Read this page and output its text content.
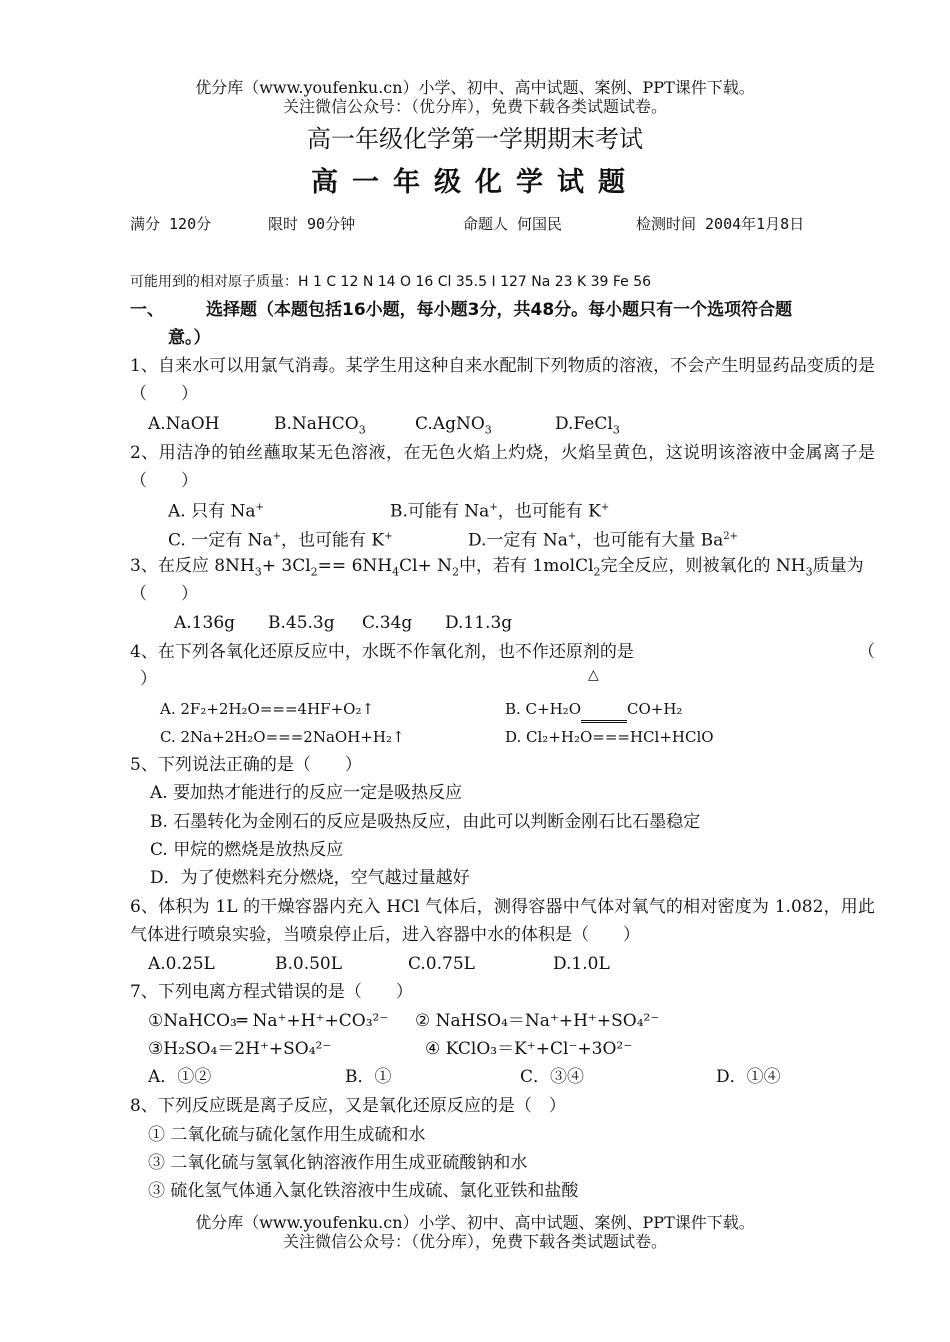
优分库（www.youfenku.cn）小学、初中、高中试题、案例、PPT课件下载。
关注微信公众号：（优分库），免费下载各类试题试卷。
高一年级化学第一学期期末考试
高一年级化学试题
满分 120分	限时 90分钟	命题人 何国民	检测时间 2004年1月8日
可能用到的相对原子质量：H 1 C 12 N 14 O 16 Cl 35.5 I 127 Na 23 K 39 Fe 56
一、 选择题（本题包括16小题，每小题3分，共48分。每小题只有一个选项符合题
意。）
1、自来水可以用氯气消毒。某学生用这种自来水配制下列物质的溶液，不会产生明显药品变质的是（　　）
A.NaOH	B.NaHCO$_3$	C.AgNO$_3$	D.FeCl$_3$
2、用洁净的铂丝蘸取某无色溶液，在无色火焰上灼烧，火焰呈黄色，这说明该溶液中金属离子是（　　）
A. 只有 Na+	B.可能有 Na+，也可能有 K+
C. 一定有 Na+，也可能有 K+	D.一定有 Na+，也可能有大量 $Ba^{2+}$
3、在反应 $8NH_3+ 3Cl_2== 6NH_4Cl+ N_2$中，若有 1molCl$_2$完全反应，则被氧化的 $NH_3$质量为
（　　）
A.136g B.45.3g C.34g D.11.3g
4、在下列各氧化还原反应中，水既不作氧化剂，也不作还原剂的是	（
）	△
A. 2F₂+2H₂O===4HF+O₂↑	B. C+H₂O	CO+H₂
C. 2Na+2H₂O===2NaOH+H₂↑	D. Cl₂+H₂O===HCl+HClO
5、下列说法正确的是（　　）
A. 要加热才能进行的反应一定是吸热反应
B. 石墨转化为金刚石的反应是吸热反应，由此可以判断金刚石比石墨稳定
C. 甲烷的燃烧是放热反应
D．为了使燃料充分燃烧，空气越过量越好
6、体积为 1L 的干燥容器内充入 HCl 气体后，测得容器中气体对氧气的相对密度为 1.082，用此气体进行喷泉实验，当喷泉停止后，进入容器中水的体积是（　　）
A.0.25L	B.0.50L	C.0.75L	D.1.0L
7、下列电离方程式错误的是（　　）
①NaHCO₃═ Na⁺+H⁺+CO₃²⁻ ② NaHSO₄＝Na⁺+H⁺+SO₄²⁻
③H₂SO₄＝2H⁺+SO₄²⁻	④ KClO₃＝K⁺+Cl⁻+3O²⁻
A．①②	B．①	C．③④	D．①④
8、下列反应既是离子反应，又是氧化还原反应的是（　）
① 二氧化硫与硫化氢作用生成硫和水
③ 二氧化硫与氢氧化钠溶液作用生成亚硫酸钠和水
③ 硫化氢气体通入氯化铁溶液中生成硫、氯化亚铁和盐酸
优分库（www.youfenku.cn）小学、初中、高中试题、案例、PPT课件下载。
关注微信公众号：（优分库），免费下载各类试题试卷。
